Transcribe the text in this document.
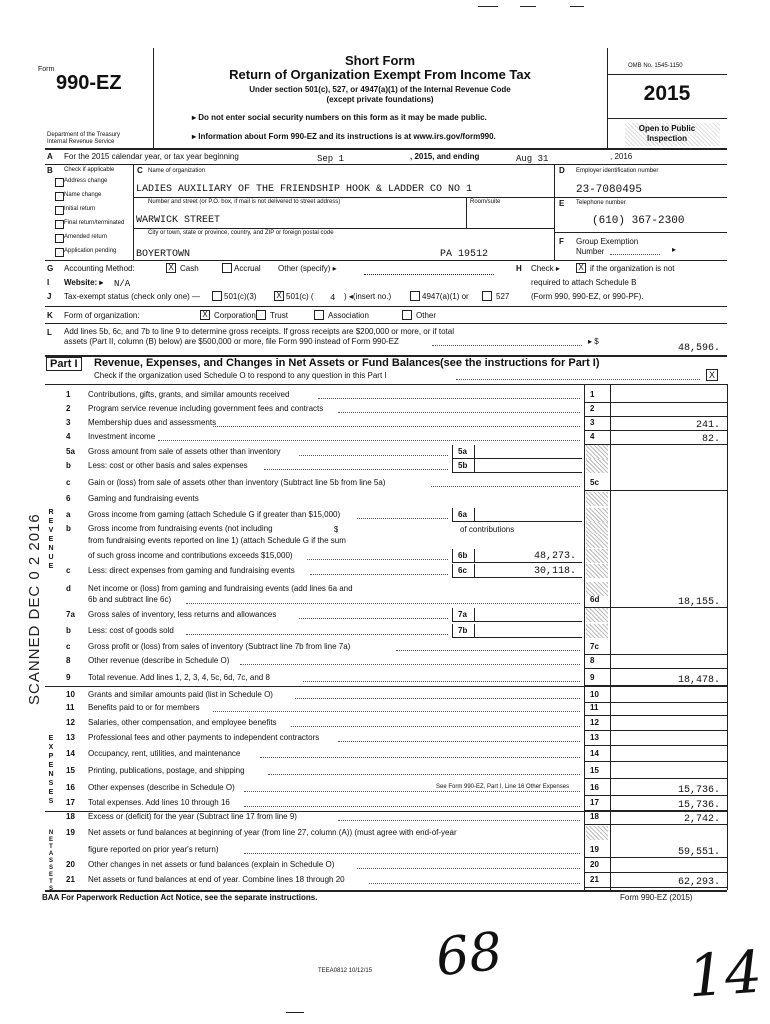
Form
990-EZ
Department of the Treasury
Internal Revenue Service
Short Form
Return of Organization Exempt From Income Tax
Under section 501(c), 527, or 4947(a)(1) of the Internal Revenue Code
(except private foundations)
▸ Do not enter social security numbers on this form as it may be made public.
▸ Information about Form 990-EZ and its instructions is at www.irs.gov/form990.
OMB No. 1545-1150
2015
Open to Public
Inspection
A For the 2015 calendar year, or tax year beginning	Sep 1	, 2015, and ending	Aug 31	, 2016
B Check if applicable
Address change
Name change
Initial return
Final return/terminated
Amended return
Application pending
C Name of organization
LADIES AUXILIARY OF THE FRIENDSHIP HOOK & LADDER CO NO 1
Number and street (or P.O. box, if mail is not delivered to street address)	Room/suite
WARWICK STREET
City or town, state or province, country, and ZIP or foreign postal code
BOYERTOWN	PA 19512
D Employer identification number
23-7080495
E Telephone number
(610) 367-2300
F Group Exemption
Number	▸
G Accounting Method:	X Cash	Accrual Other (specify) ▸	H Check ▸ X if the organization is not
required to attach Schedule B
(Form 990, 990-EZ, or 990-PF).
I Website: ▸ N/A
J Tax-exempt status (check only one) —	501(c)(3) X 501(c) ( 4 ) ◂(insert no.)	4947(a)(1) or	527
K Form of organization:	X Corporation Trust	Association	Other
L Add lines 5b, 6c, and 7b to line 9 to determine gross receipts. If gross receipts are $200,000 or more, or if total
assets (Part II, column (B) below) are $500,000 or more, file Form 990 instead of Form 990-EZ	▸ $
48,596.
Part I	Revenue, Expenses, and Changes in Net Assets or Fund Balances (see the instructions for Part I)
Check if the organization used Schedule O to respond to any question in this Part I	X
R E V E N U E
E X P E N S E S
N E T A S S E T S
1 Contributions, gifts, grants, and similar amounts received	1
2 Program service revenue including government fees and contracts	2
3 Membership dues and assessments	3	241.
4 Investment income	4	82.
5a Gross amount from sale of assets other than inventory	5a
b Less: cost or other basis and sales expenses	5b
c Gain or (loss) from sale of assets other than inventory (Subtract line 5b from line 5a)	5c
6 Gaming and fundraising events
a Gross income from gaming (attach Schedule G if greater than $15,000)	6a
b Gross income from fundraising events (not including
from fundraising events reported on line 1) (attach Schedule G if the sum
of such gross income and contributions exceeds $15,000)	6b	48,273.
c Less: direct expenses from gaming and fundraising events	6c	30,118.
d Net income or (loss) from gaming and fundraising events (add lines 6a and
6b and subtract line 6c)	6d	18,155.
7a Gross sales of inventory, less returns and allowances	7a
b Less: cost of goods sold	7b
c Gross profit or (loss) from sales of inventory (Subtract line 7b from line 7a)	7c
8 Other revenue (describe in Schedule O)	8
9 Total revenue. Add lines 1, 2, 3, 4, 5c, 6d, 7c, and 8	9	18,478.
10 Grants and similar amounts paid (list in Schedule O)	10
11 Benefits paid to or for members	11
12 Salaries, other compensation, and employee benefits	12
13 Professional fees and other payments to independent contractors	13
14 Occupancy, rent, utilities, and maintenance	14
15 Printing, publications, postage, and shipping	15
16 Other expenses (describe in Schedule O)	16	15,736.
17 Total expenses. Add lines 10 through 16	17	15,736.
18 Excess or (deficit) for the year (Subtract line 17 from line 9)	18	2,742.
19 Net assets or fund balances at beginning of year (from line 27, column (A)) (must agree with end-of-year
figure reported on prior year's return)	19	59,551.
20 Other changes in net assets or fund balances (explain in Schedule O)	20
21 Net assets or fund balances at end of year. Combine lines 18 through 20	21	62,293.
$	of contributions
See Form 990-EZ, Part I, Line 16 Other Expenses
BAA For Paperwork Reduction Act Notice, see the separate instructions.	Form 990-EZ (2015)
TEEA0812 10/12/15
SCANNED DEC 0 2 2016
68	14
